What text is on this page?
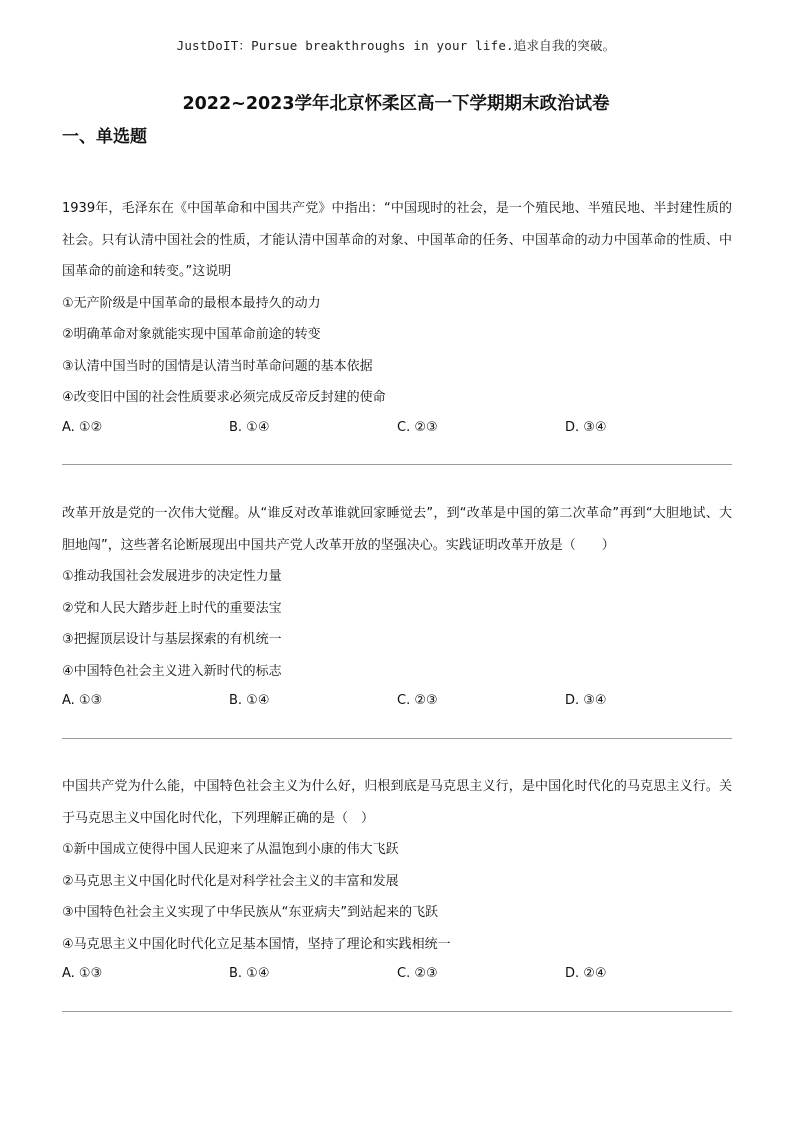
JustDoIT：Pursue breakthroughs in your life.追求自我的突破。
2022~2023学年北京怀柔区高一下学期期末政治试卷
一、单选题
1939年，毛泽东在《中国革命和中国共产党》中指出：“中国现时的社会，是一个殖民地、半殖民地、半封建性质的社会。只有认清中国社会的性质，才能认清中国革命的对象、中国革命的任务、中国革命的动力中国革命的性质、中国革命的前途和转变。”这说明
①无产阶级是中国革命的最根本最持久的动力
②明确革命对象就能实现中国革命前途的转变
③认清中国当时的国情是认清当时革命问题的基本依据
④改变旧中国的社会性质要求必须完成反帝反封建的使命
A. ①②	B. ①④	C. ②③	D. ③④
改革开放是党的一次伟大觉醒。从“谁反对改革谁就回家睡觉去”，到“改革是中国的第二次革命”再到“大胆地试、大胆地闯”，这些著名论断展现出中国共产党人改革开放的坚强决心。实践证明改革开放是（　　）
①推动我国社会发展进步的决定性力量
②党和人民大踏步赶上时代的重要法宝
③把握顶层设计与基层探索的有机统一
④中国特色社会主义进入新时代的标志
A. ①③	B. ①④	C. ②③	D. ③④
中国共产党为什么能，中国特色社会主义为什么好，归根到底是马克思主义行，是中国化时代化的马克思主义行。关于马克思主义中国化时代化，下列理解正确的是（　）
①新中国成立使得中国人民迎来了从温饱到小康的伟大飞跃
②马克思主义中国化时代化是对科学社会主义的丰富和发展
③中国特色社会主义实现了中华民族从“东亚病夫”到站起来的飞跃
④马克思主义中国化时代化立足基本国情，坚持了理论和实践相统一
A. ①③	B. ①④	C. ②③	D. ②④
